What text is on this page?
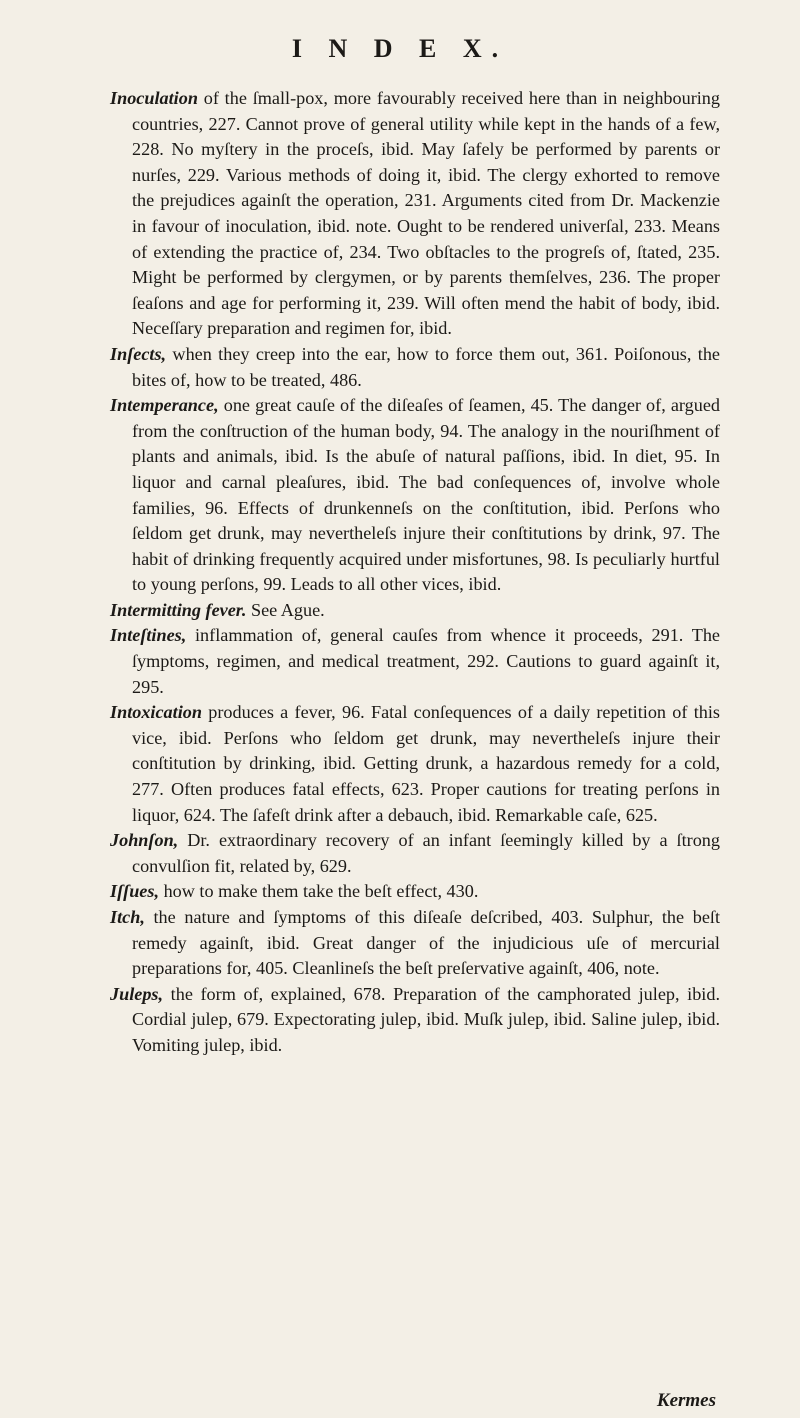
I N D E X.

Inoculation of the ſmall-pox, more favourably received here than in neighbouring countries, 227. Cannot prove of general utility while kept in the hands of a few, 228. No myſtery in the proceſs, ibid. May ſafely be performed by parents or nurſes, 229. Various methods of doing it, ibid. The clergy exhorted to remove the prejudices againſt the operation, 231. Arguments cited from Dr. Mackenzie in favour of inoculation, ibid. note. Ought to be rendered univerſal, 233. Means of extending the practice of, 234. Two obſtacles to the progreſs of, ſtated, 235. Might be performed by clergymen, or by parents themſelves, 236. The proper ſeaſons and age for performing it, 239. Will often mend the habit of body, ibid. Neceſſary preparation and regimen for, ibid.

Inſects, when they creep into the ear, how to force them out, 361. Poiſonous, the bites of, how to be treated, 486.

Intemperance, one great cauſe of the diſeaſes of ſeamen, 45. The danger of, argued from the conſtruction of the human body, 94. The analogy in the nouriſhment of plants and animals, ibid. Is the abuſe of natural paſſions, ibid. In diet, 95. In liquor and carnal pleaſures, ibid. The bad conſequences of, involve whole families, 96. Effects of drunkenneſs on the conſtitution, ibid. Perſons who ſeldom get drunk, may nevertheleſs injure their conſtitutions by drink, 97. The habit of drinking frequently acquired under misfortunes, 98. Is peculiarly hurtful to young perſons, 99. Leads to all other vices, ibid.

Intermitting fever. See Ague.

Inteſtines, inflammation of, general cauſes from whence it proceeds, 291. The ſymptoms, regimen, and medical treatment, 292. Cautions to guard againſt it, 295.

Intoxication produces a fever, 96. Fatal conſequences of a daily repetition of this vice, ibid. Perſons who ſeldom get drunk, may nevertheleſs injure their conſtitution by drinking, ibid. Getting drunk, a hazardous remedy for a cold, 277. Often produces fatal effects, 623. Proper cautions for treating perſons in liquor, 624. The ſafeſt drink after a debauch, ibid. Remarkable caſe, 625.

Johnſon, Dr. extraordinary recovery of an infant ſeemingly killed by a ſtrong convulſion fit, related by, 629.

Iſſues, how to make them take the beſt effect, 430.

Itch, the nature and ſymptoms of this diſeaſe deſcribed, 403. Sulphur, the beſt remedy againſt, ibid. Great danger of the injudicious uſe of mercurial preparations for, 405. Cleanlineſs the beſt preſervative againſt, 406, note.

Juleps, the form of, explained, 678. Preparation of the camphorated julep, ibid. Cordial julep, 679. Expectorating julep, ibid. Muſk julep, ibid. Saline julep, ibid. Vomiting julep, ibid.

Kermes
